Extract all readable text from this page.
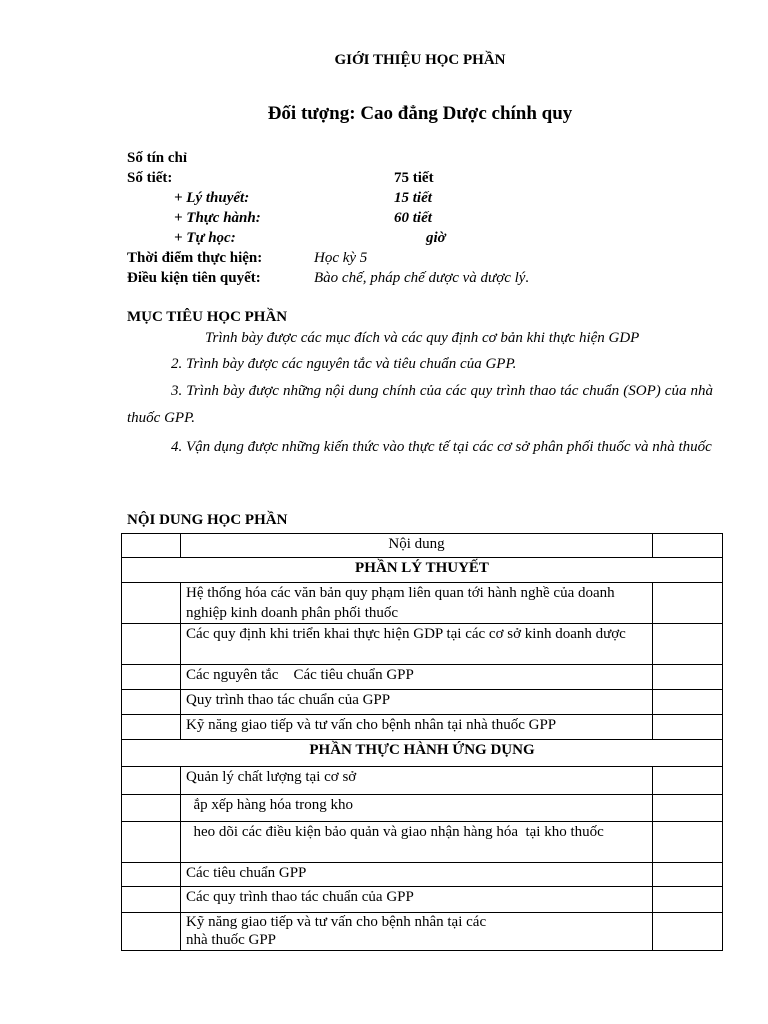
GIỚI THIỆU HỌC PHẦN
Đối tượng: Cao đẳng Dược chính quy
Số tín chỉ
Số tiết:	75 tiết
+ Lý thuyết:	15 tiết
+ Thực hành:	60 tiết
+ Tự học:	giờ
Thời điểm thực hiện:	Học kỳ 5
Điều kiện tiên quyết:	Bào chế, pháp chế dược và dược lý.
MỤC TIÊU HỌC PHẦN
Trình bày được các mục đích và các quy định cơ bản khi thực hiện GDP
2. Trình bày được các nguyên tắc và tiêu chuẩn của GPP.
3. Trình bày được những nội dung chính của các quy trình thao tác chuẩn (SOP) của nhà thuốc GPP.
4. Vận dụng được những kiến thức vào thực tế tại các cơ sở phân phối thuốc và nhà thuốc
NỘI DUNG HỌC PHẦN
	Nội dung	
PHẦN LÝ THUYẾT		
	Hệ thống hóa các văn bản quy phạm liên quan tới hành nghề của doanh nghiệp kinh doanh phân phối thuốc	
	Các quy định khi triển khai thực hiện GDP tại các cơ sở kinh doanh dược	
	Các nguyên tắc    Các tiêu chuẩn GPP	
	Quy trình thao tác chuẩn của GPP	
	Kỹ năng giao tiếp và tư vấn cho bệnh nhân tại nhà thuốc GPP	
PHẦN THỰC HÀNH ỨNG DỤNG		
	Quản lý chất lượng tại cơ sở	
	ắp xếp hàng hóa trong kho	
	heo dõi các điều kiện bảo quản và giao nhận hàng hóa  tại kho thuốc	
	Các tiêu chuẩn GPP	
	Các quy trình thao tác chuẩn của GPP	
	Kỹ năng giao tiếp và tư vấn cho bệnh nhân tại các nhà thuốc GPP	
